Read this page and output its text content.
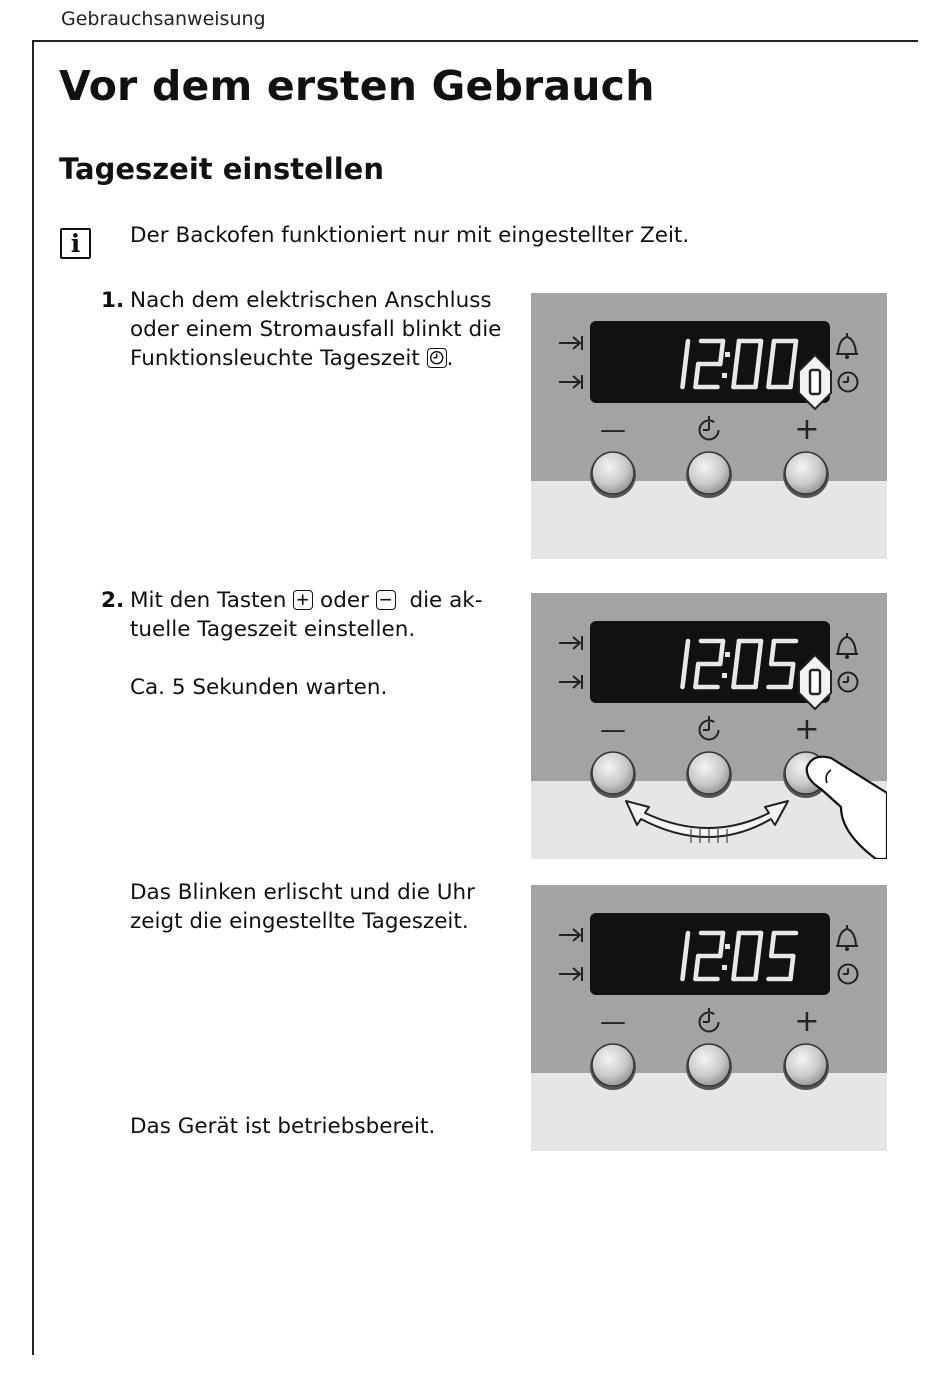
Gebrauchsanweisung
Vor dem ersten Gebrauch
Tageszeit einstellen
i	Der Backofen funktioniert nur mit eingestellter Zeit.
1. Nach dem elektrischen Anschluss
oder einem Stromausfall blinkt die
Funktionsleuchte Tageszeit .
2. Mit den Tasten oder die ak-
tuelle Tageszeit einstellen.
Ca. 5 Sekunden warten.
Das Blinken erlischt und die Uhr
zeigt die eingestellte Tageszeit.
Das Gerät ist betriebsbereit.
—	+
—	+
—	+
